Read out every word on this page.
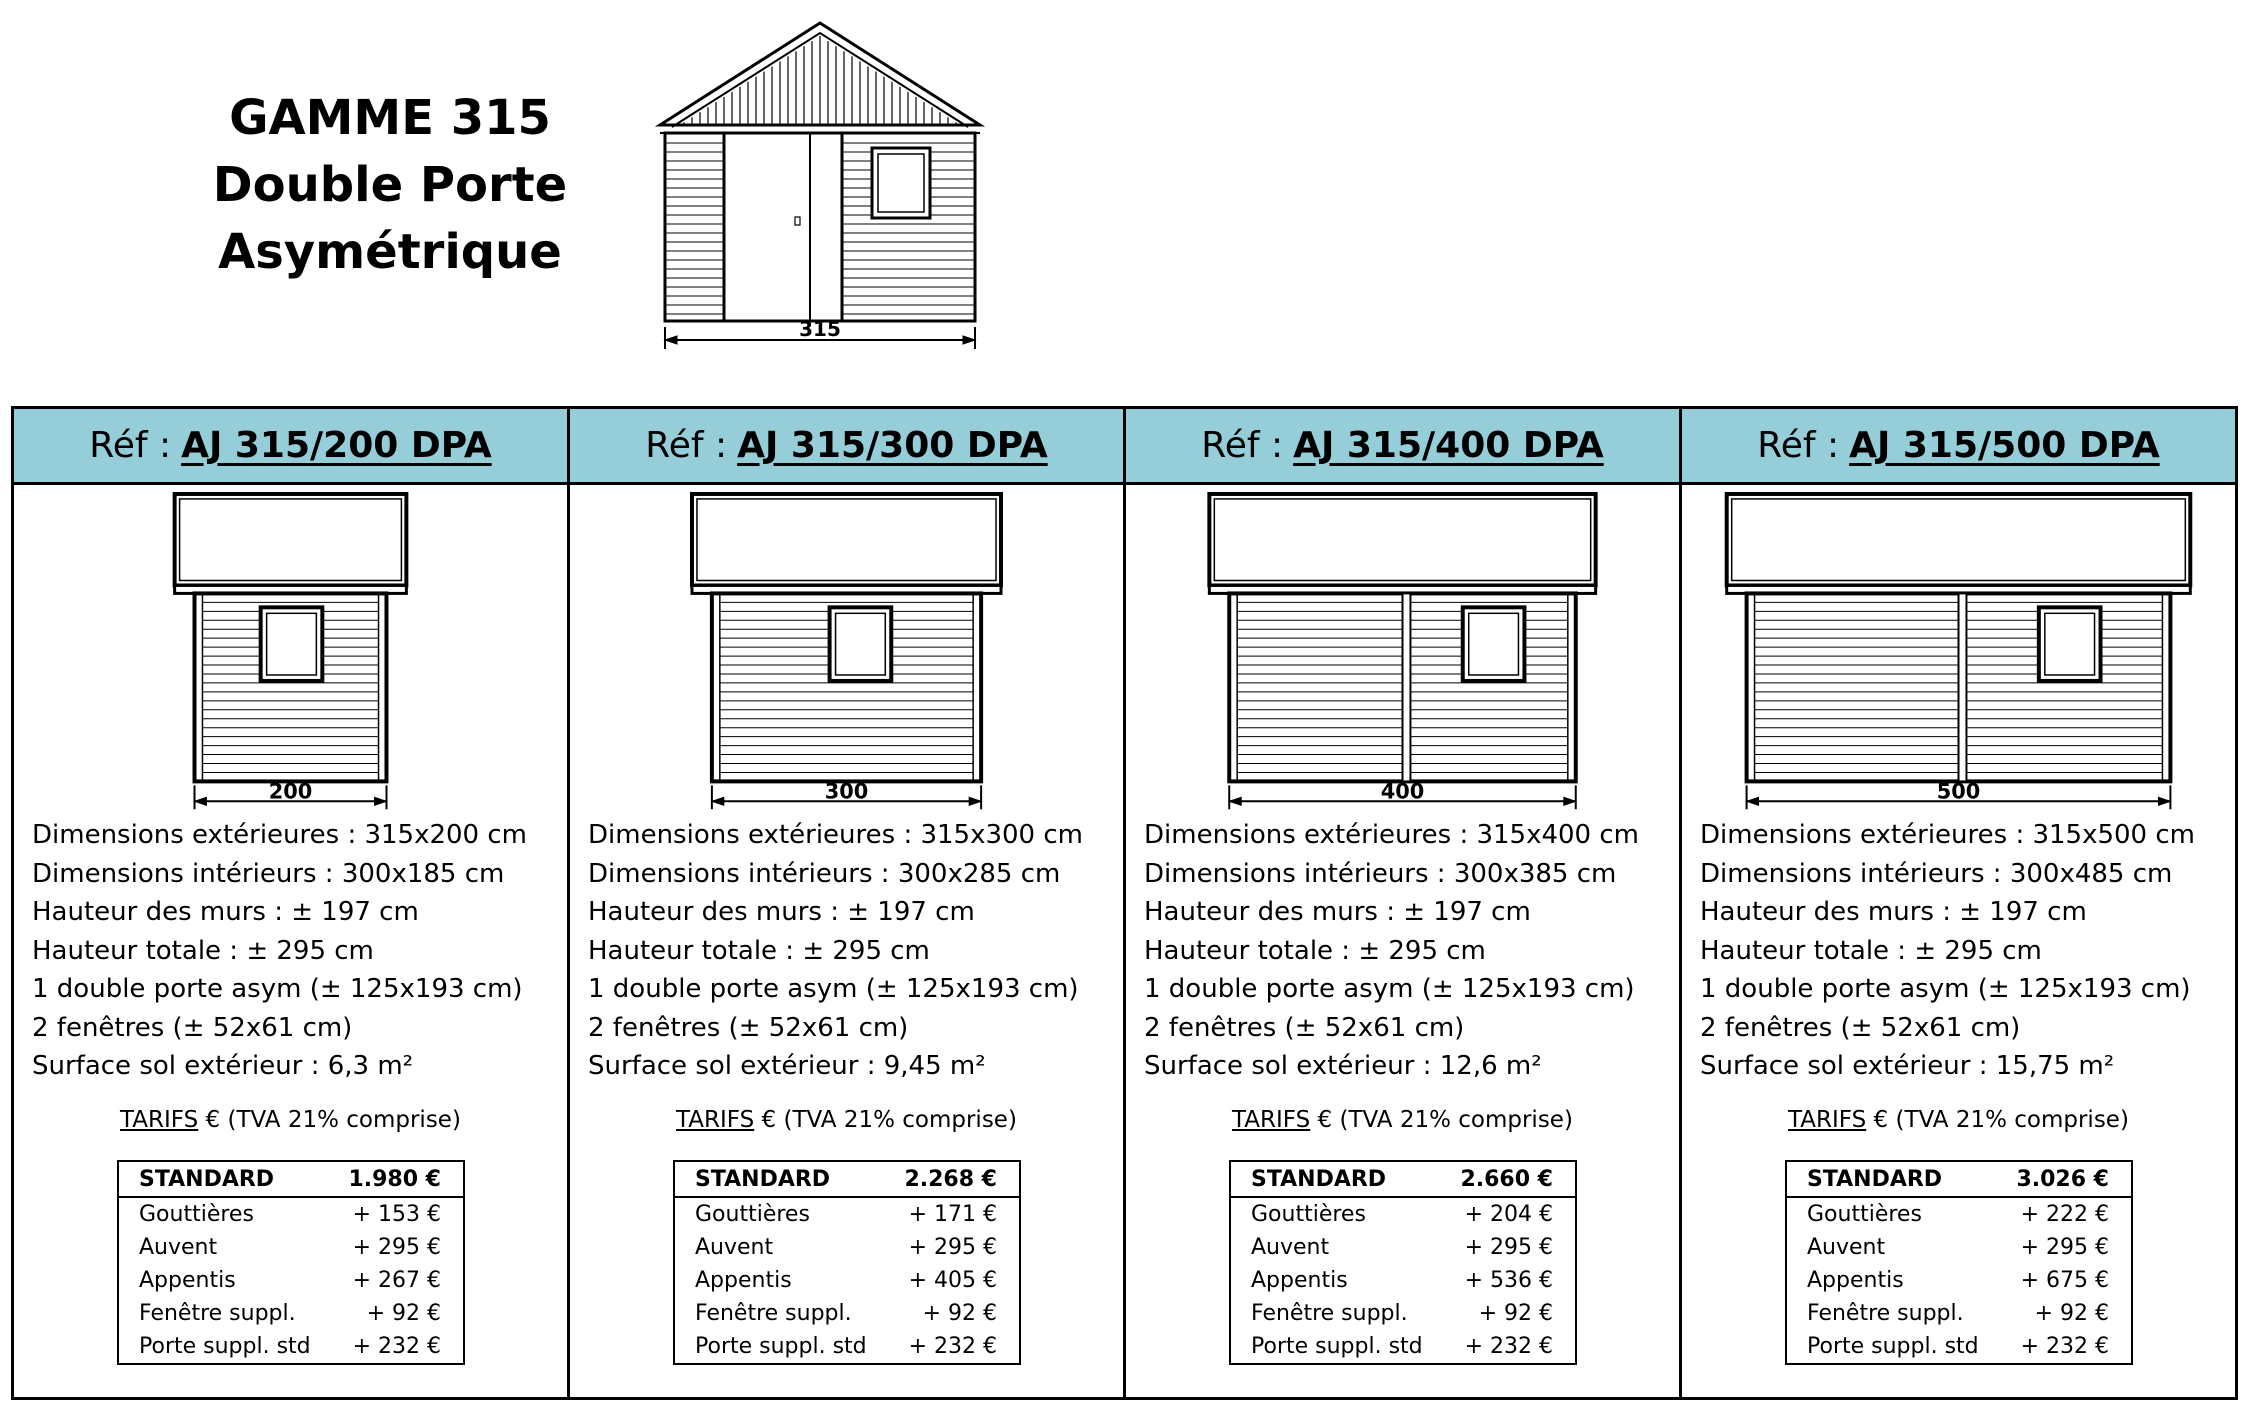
GAMME 315
Double Porte
Asymétrique
315
Réf : AJ 315/200 DPA
200
Dimensions extérieures : 315x200 cm
Dimensions intérieurs : 300x185 cm
Hauteur des murs : ± 197 cm
Hauteur totale : ± 295 cm
1 double porte asym (± 125x193 cm)
2 fenêtres (± 52x61 cm)
Surface sol extérieur : 6,3 m²
TARIFS € (TVA 21% comprise)
STANDARD	1.980 €
Gouttières	+ 153 €
Auvent	+ 295 €
Appentis	+ 267 €
Fenêtre suppl.	+ 92 €
Porte suppl. std	+ 232 €
Réf : AJ 315/300 DPA
300
Dimensions extérieures : 315x300 cm
Dimensions intérieurs : 300x285 cm
Hauteur des murs : ± 197 cm
Hauteur totale : ± 295 cm
1 double porte asym (± 125x193 cm)
2 fenêtres (± 52x61 cm)
Surface sol extérieur : 9,45 m²
TARIFS € (TVA 21% comprise)
STANDARD	2.268 €
Gouttières	+ 171 €
Auvent	+ 295 €
Appentis	+ 405 €
Fenêtre suppl.	+ 92 €
Porte suppl. std	+ 232 €
Réf : AJ 315/400 DPA
400
Dimensions extérieures : 315x400 cm
Dimensions intérieurs : 300x385 cm
Hauteur des murs : ± 197 cm
Hauteur totale : ± 295 cm
1 double porte asym (± 125x193 cm)
2 fenêtres (± 52x61 cm)
Surface sol extérieur : 12,6 m²
TARIFS € (TVA 21% comprise)
STANDARD	2.660 €
Gouttières	+ 204 €
Auvent	+ 295 €
Appentis	+ 536 €
Fenêtre suppl.	+ 92 €
Porte suppl. std	+ 232 €
Réf : AJ 315/500 DPA
500
Dimensions extérieures : 315x500 cm
Dimensions intérieurs : 300x485 cm
Hauteur des murs : ± 197 cm
Hauteur totale : ± 295 cm
1 double porte asym (± 125x193 cm)
2 fenêtres (± 52x61 cm)
Surface sol extérieur : 15,75 m²
TARIFS € (TVA 21% comprise)
STANDARD	3.026 €
Gouttières	+ 222 €
Auvent	+ 295 €
Appentis	+ 675 €
Fenêtre suppl.	+ 92 €
Porte suppl. std	+ 232 €
